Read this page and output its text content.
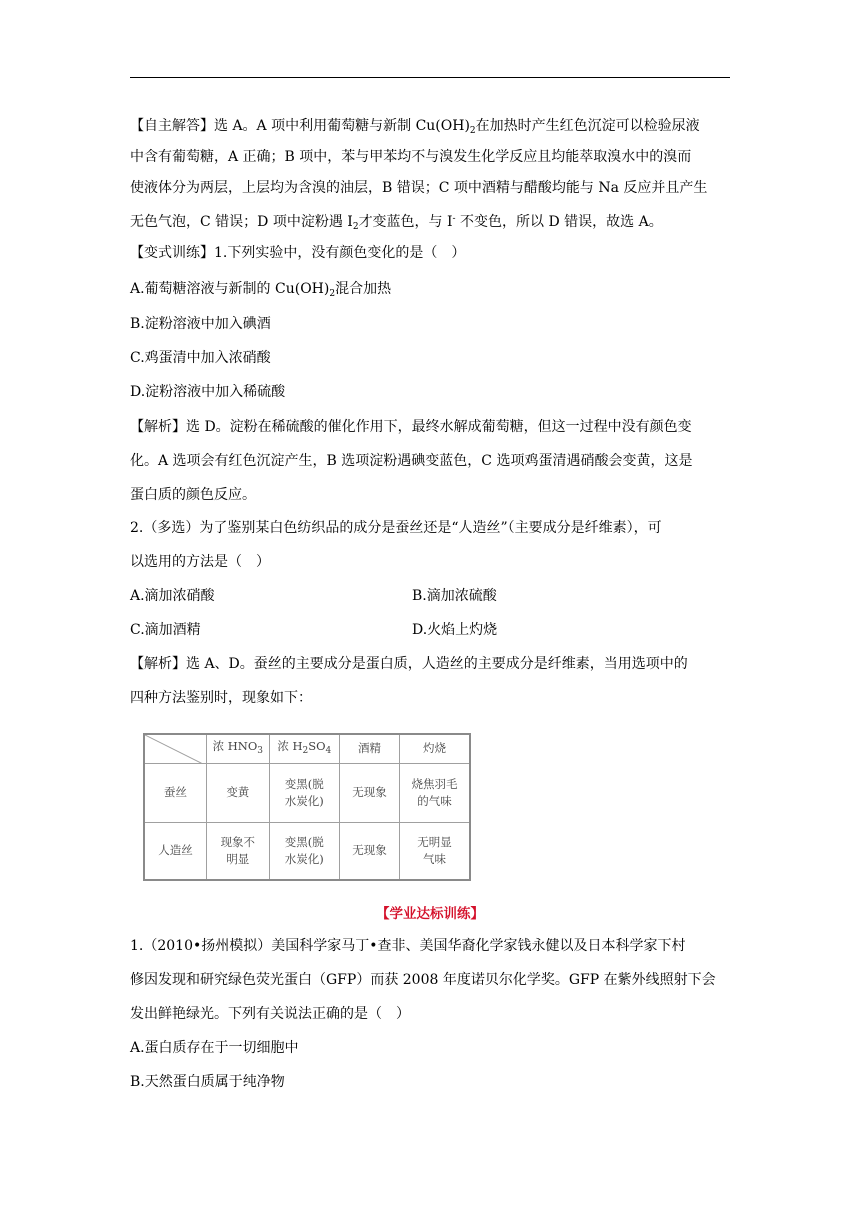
【自主解答】选 A。A 项中利用葡萄糖与新制 $Cu(OH)_2$在加热时产生红色沉淀可以检验尿液
中含有葡萄糖，A 正确；B 项中，苯与甲苯均不与溴发生化学反应且均能萃取溴水中的溴而
使液体分为两层，上层均为含溴的油层，B 错误；C 项中酒精与醋酸均能与 Na 反应并且产生
无色气泡，C 错误；D 项中淀粉遇 $I_2$才变蓝色，与 I- 不变色，所以 D 错误，故选 A。
【变式训练】1.下列实验中，没有颜色变化的是（　）
A.葡萄糖溶液与新制的 $Cu(OH)_2$混合加热
B.淀粉溶液中加入碘酒
C.鸡蛋清中加入浓硝酸
D.淀粉溶液中加入稀硫酸
【解析】选 D。淀粉在稀硫酸的催化作用下，最终水解成葡萄糖，但这一过程中没有颜色变
化。A 选项会有红色沉淀产生，B 选项淀粉遇碘变蓝色，C 选项鸡蛋清遇硝酸会变黄，这是
蛋白质的颜色反应。
2.（多选）为了鉴别某白色纺织品的成分是蚕丝还是“人造丝”（主要成分是纤维素），可
以选用的方法是（　）
A.滴加浓硝酸	B.滴加浓硫酸
C.滴加酒精	D.火焰上灼烧
【解析】选 A、D。蚕丝的主要成分是蛋白质，人造丝的主要成分是纤维素，当用选项中的
四种方法鉴别时，现象如下：
	浓 $HNO_3$	浓 $H_2SO_4$	酒精	灼烧
蚕丝	变黄	变黑(脱
水炭化)	无现象	烧焦羽毛
的气味
人造丝	现象不
明显	变黑(脱
水炭化)	无现象	无明显
气味
【学业达标训练】
1.（2010•扬州模拟）美国科学家马丁•查非、美国华裔化学家钱永健以及日本科学家下村
修因发现和研究绿色荧光蛋白（GFP）而获 2008 年度诺贝尔化学奖。GFP 在紫外线照射下会
发出鲜艳绿光。下列有关说法正确的是（　）
A.蛋白质存在于一切细胞中
B.天然蛋白质属于纯净物
